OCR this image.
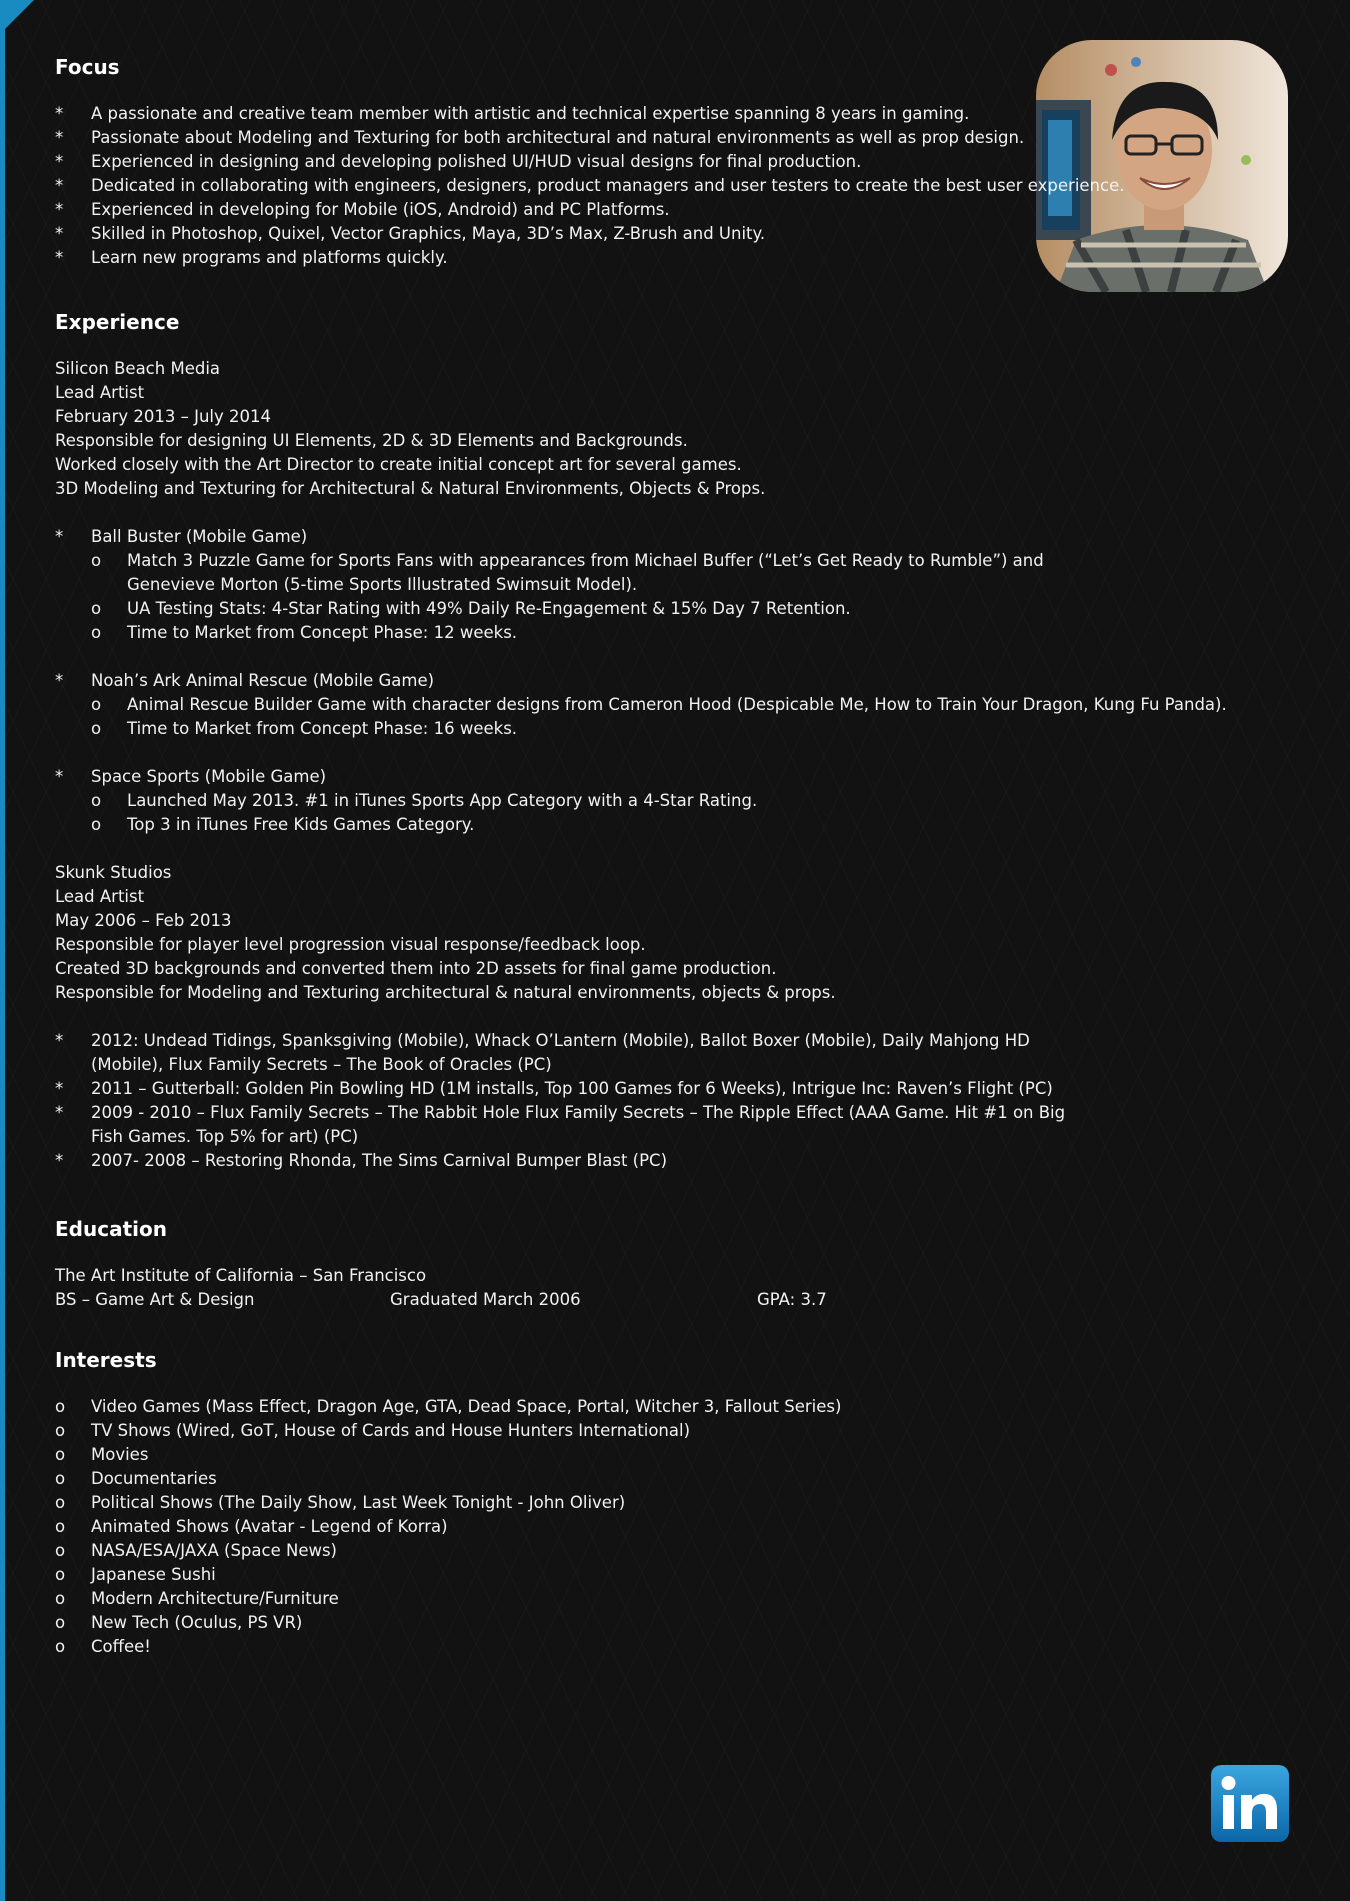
Focus
* A passionate and creative team member with artistic and technical expertise spanning 8 years in gaming.
* Passionate about Modeling and Texturing for both architectural and natural environments as well as prop design.
* Experienced in designing and developing polished UI/HUD visual designs for final production.
* Dedicated in collaborating with engineers, designers, product managers and user testers to create the best user experience.
* Experienced in developing for Mobile (iOS, Android) and PC Platforms.
* Skilled in Photoshop, Quixel, Vector Graphics, Maya, 3D’s Max, Z-Brush and Unity.
* Learn new programs and platforms quickly.
Experience
Silicon Beach Media
Lead Artist
February 2013 – July 2014
Responsible for designing UI Elements, 2D & 3D Elements and Backgrounds.
Worked closely with the Art Director to create initial concept art for several games.
3D Modeling and Texturing for Architectural & Natural Environments, Objects & Props.
* Ball Buster (Mobile Game)
o Match 3 Puzzle Game for Sports Fans with appearances from Michael Buffer (“Let’s Get Ready to Rumble”) and Genevieve Morton (5-time Sports Illustrated Swimsuit Model).
o UA Testing Stats: 4-Star Rating with 49% Daily Re-Engagement & 15% Day 7 Retention.
o Time to Market from Concept Phase: 12 weeks.
* Noah’s Ark Animal Rescue (Mobile Game)
o Animal Rescue Builder Game with character designs from Cameron Hood (Despicable Me, How to Train Your Dragon, Kung Fu Panda).
o Time to Market from Concept Phase: 16 weeks.
* Space Sports (Mobile Game)
o Launched May 2013. #1 in iTunes Sports App Category with a 4-Star Rating.
o Top 3 in iTunes Free Kids Games Category.
Skunk Studios
Lead Artist
May 2006 – Feb 2013
Responsible for player level progression visual response/feedback loop.
Created 3D backgrounds and converted them into 2D assets for final game production.
Responsible for Modeling and Texturing architectural & natural environments, objects & props.
* 2012: Undead Tidings, Spanksgiving (Mobile), Whack O’Lantern (Mobile), Ballot Boxer (Mobile), Daily Mahjong HD (Mobile), Flux Family Secrets – The Book of Oracles (PC)
* 2011 – Gutterball: Golden Pin Bowling HD (1M installs, Top 100 Games for 6 Weeks), Intrigue Inc: Raven’s Flight (PC)
* 2009 - 2010 – Flux Family Secrets – The Rabbit Hole Flux Family Secrets – The Ripple Effect (AAA Game. Hit #1 on Big Fish Games. Top 5% for art) (PC)
* 2007- 2008 – Restoring Rhonda, The Sims Carnival Bumper Blast (PC)
Education
The Art Institute of California – San Francisco
BS – Game Art & Design	Graduated March 2006	GPA: 3.7
Interests
o Video Games (Mass Effect, Dragon Age, GTA, Dead Space, Portal, Witcher 3, Fallout Series)
o TV Shows (Wired, GoT, House of Cards and House Hunters International)
o Movies
o Documentaries
o Political Shows (The Daily Show, Last Week Tonight - John Oliver)
o Animated Shows (Avatar - Legend of Korra)
o NASA/ESA/JAXA (Space News)
o Japanese Sushi
o Modern Architecture/Furniture
o New Tech (Oculus, PS VR)
o Coffee!
